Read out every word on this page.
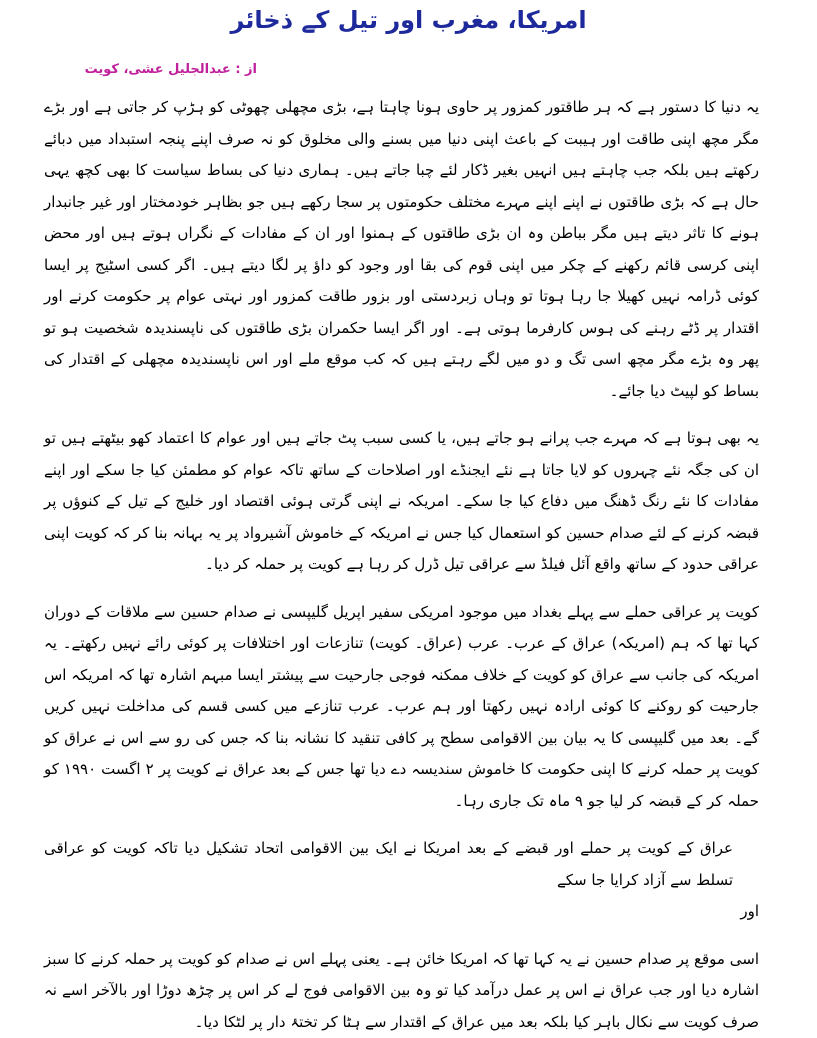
امریکا، مغرب اور تیل کے ذخائر
از : عبدالجلیل عشی، کویت

یہ دنیا کا دستور ہے کہ ہر طاقتور کمزور پر حاوی ہونا چاہتا ہے، بڑی مچھلی چھوٹی کو ہڑپ کر جاتی ہے اور بڑے مگر مچھ اپنی طاقت اور ہیبت کے باعث اپنی دنیا میں بسنے والی مخلوق کو نہ صرف اپنے پنجہ استبداد میں دبائے رکھتے ہیں بلکہ جب چاہتے ہیں انہیں بغیر ڈکار لئے چبا جاتے ہیں۔ ہماری دنیا کی بساط سیاست کا بھی کچھ یہی حال ہے کہ بڑی طاقتوں نے اپنے اپنے مہرے مختلف حکومتوں پر سجا رکھے ہیں جو بظاہر خودمختار اور غیر جانبدار ہونے کا تاثر دیتے ہیں مگر بباطن وہ ان بڑی طاقتوں کے ہمنوا اور ان کے مفادات کے نگراں ہوتے ہیں اور محض اپنی کرسی قائم رکھنے کے چکر میں اپنی قوم کی بقا اور وجود کو داؤ پر لگا دیتے ہیں۔ اگر کسی اسٹیج پر ایسا کوئی ڈرامہ نہیں کھیلا جا رہا ہوتا تو وہاں زبردستی اور بزور طاقت کمزور اور نہتی عوام پر حکومت کرنے اور اقتدار پر ڈٹے رہنے کی ہوس کارفرما ہوتی ہے۔ اور اگر ایسا حکمران بڑی طاقتوں کی ناپسندیدہ شخصیت ہو تو پھر وہ بڑے مگر مچھ اسی تگ و دو میں لگے رہتے ہیں کہ کب موقع ملے اور اس ناپسندیدہ مچھلی کے اقتدار کی بساط کو لپیٹ دیا جائے۔

یہ بھی ہوتا ہے کہ مہرے جب پرانے ہو جاتے ہیں، یا کسی سبب پٹ جاتے ہیں اور عوام کا اعتماد کھو بیٹھتے ہیں تو ان کی جگہ نئے چہروں کو لایا جاتا ہے نئے ایجنڈے اور اصلاحات کے ساتھ تاکہ عوام کو مطمئن کیا جا سکے اور اپنے مفادات کا نئے رنگ ڈھنگ میں دفاع کیا جا سکے۔ امریکہ نے اپنی گرتی ہوئی اقتصاد اور خلیج کے تیل کے کنوؤں پر قبضہ کرنے کے لئے صدام حسین کو استعمال کیا جس نے امریکہ کے خاموش آشیرواد پر یہ بہانہ بنا کر کہ کویت اپنی عراقی حدود کے ساتھ واقع آئل فیلڈ سے عراقی تیل ڈرل کر رہا ہے کویت پر حملہ کر دیا۔

کویت پر عراقی حملے سے پہلے بغداد میں موجود امریکی سفیر اپریل گلیپسی نے صدام حسین سے ملاقات کے دوران کہا تھا کہ ہم (امریکہ) عراق کے عرب۔ عرب (عراق۔ کویت) تنازعات اور اختلافات پر کوئی رائے نہیں رکھتے۔ یہ امریکہ کی جانب سے عراق کو کویت کے خلاف ممکنہ فوجی جارحیت سے پیشتر ایسا مبہم اشارہ تھا کہ امریکہ اس جارحیت کو روکنے کا کوئی ارادہ نہیں رکھتا اور ہم عرب۔ عرب تنازعے میں کسی قسم کی مداخلت نہیں کریں گے۔ بعد میں گلیپسی کا یہ بیان بین الاقوامی سطح پر کافی تنقید کا نشانہ بنا کہ جس کی رو سے اس نے عراق کو کویت پر حملہ کرنے کا اپنی حکومت کا خاموش سندیسہ دے دیا تھا جس کے بعد عراق نے کویت پر ۲ اگست ۱۹۹۰ کو حملہ کر کے قبضہ کر لیا جو ۹ ماہ تک جاری رہا۔

عراق کے کویت پر حملے اور قبضے کے بعد امریکا نے ایک بین الاقوامی اتحاد تشکیل دیا تاکہ کویت کو عراقی تسلط سے آزاد کرایا جا سکے

اور

اسی موقع پر صدام حسین نے یہ کہا تھا کہ امریکا خائن ہے۔ یعنی پہلے اس نے صدام کو کویت پر حملہ کرنے کا سبز اشارہ دیا اور جب عراق نے اس پر عمل درآمد کیا تو وہ بین الاقوامی فوج لے کر اس پر چڑھ دوڑا اور بالآخر اسے نہ صرف کویت سے نکال باہر کیا بلکہ بعد میں عراق کے اقتدار سے ہٹا کر تختۂ دار پر لٹکا دیا۔
